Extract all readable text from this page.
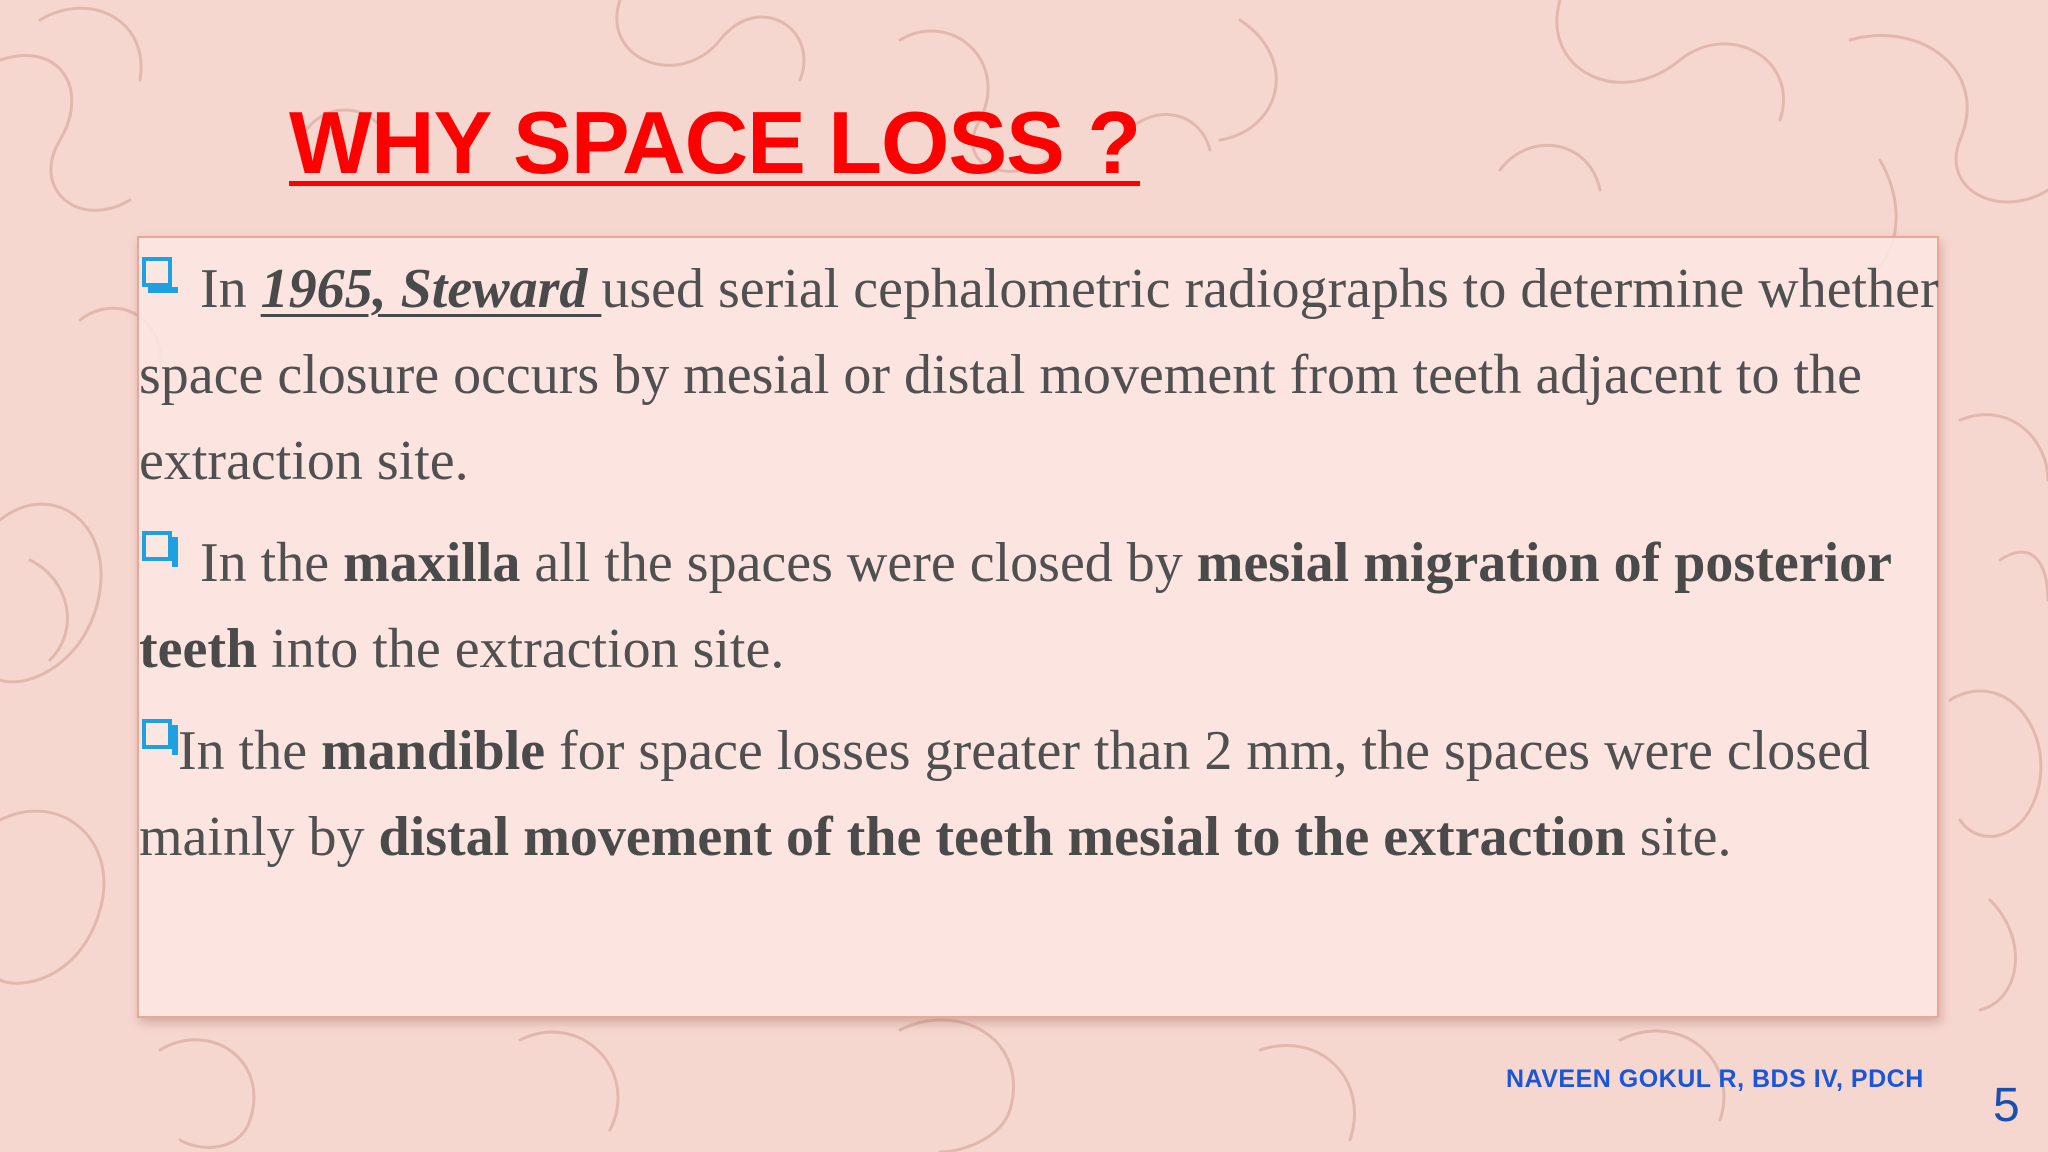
WHY SPACE LOSS ?
In 1965, Steward used serial cephalometric radiographs to determine whether space closure occurs by mesial or distal movement from teeth adjacent to the extraction site.
In the maxilla all the spaces were closed by mesial migration of posterior teeth into the extraction site.
In the mandible for space losses greater than 2 mm, the spaces were closed mainly by distal movement of the teeth mesial to the extraction site.
NAVEEN GOKUL R, BDS IV, PDCH 5
